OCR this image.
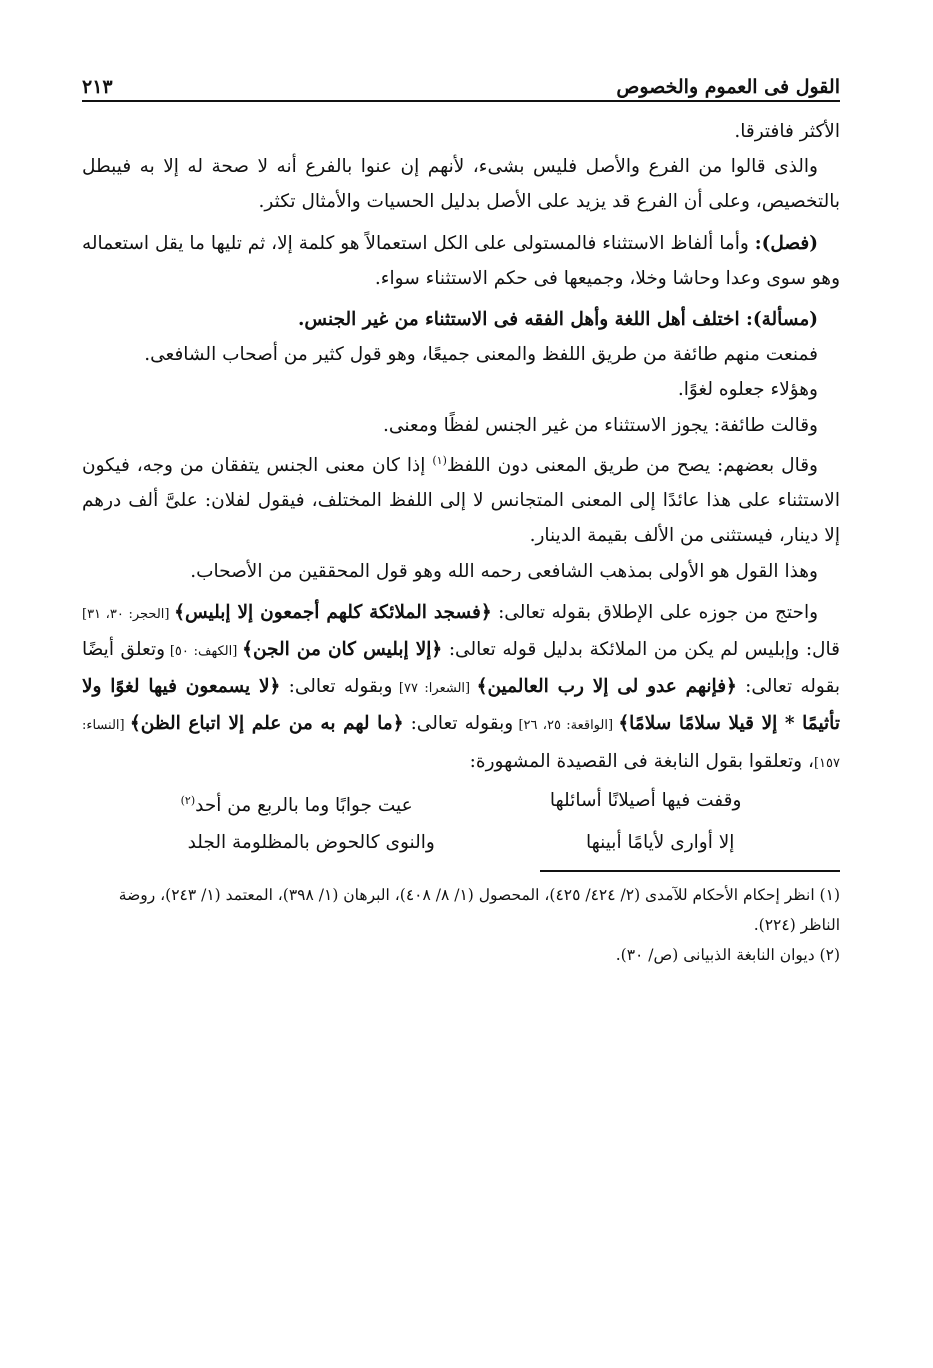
القول فى العموم والخصوص
٢١٣

الأكثر فافترقا.

والذى قالوا من الفرع والأصل فليس بشىء، لأنهم إن عنوا بالفرع أنه لا صحة له إلا به فيبطل بالتخصيص، وعلى أن الفرع قد يزيد على الأصل بدليل الحسيات والأمثال تكثر.

(فصل): وأما ألفاظ الاستثناء فالمستولى على الكل استعمالاً هو كلمة إلا، ثم تليها ما يقل استعماله وهو سوى وعدا وحاشا وخلا، وجميعها فى حكم الاستثناء سواء.

(مسألة): اختلف أهل اللغة وأهل الفقه فى الاستثناء من غير الجنس.

فمنعت منهم طائفة من طريق اللفظ والمعنى جميعًا، وهو قول كثير من أصحاب الشافعى.

وهؤلاء جعلوه لغوًا.

وقالت طائفة: يجوز الاستثناء من غير الجنس لفظًا ومعنى.

وقال بعضهم: يصح من طريق المعنى دون اللفظ$^{(١)}$ إذا كان معنى الجنس يتفقان من وجه، فيكون الاستثناء على هذا عائدًا إلى المعنى المتجانس لا إلى اللفظ المختلف، فيقول لفلان: علىَّ ألف درهم إلا دينار، فيستثنى من الألف بقيمة الدينار.

وهذا القول هو الأولى بمذهب الشافعى رحمه الله وهو قول المحققين من الأصحاب.

واحتج من جوزه على الإطلاق بقوله تعالى: ﴿فسجد الملائكة كلهم أجمعون إلا إبليس﴾ [الحجر: ٣٠، ٣١] قال: وإبليس لم يكن من الملائكة بدليل قوله تعالى: ﴿إلا إبليس كان من الجن﴾ [الكهف: ٥٠] وتعلق أيضًا بقوله تعالى: ﴿فإنهم عدو لى إلا رب العالمين﴾ [الشعرا: ٧٧] وبقوله تعالى: ﴿لا يسمعون فيها لغوًا ولا تأثيمًا * إلا قيلا سلامًا سلامًا﴾ [الواقعة: ٢٥، ٢٦] وبقوله تعالى: ﴿ما لهم به من علم إلا اتباع الظن﴾ [النساء: ١٥٧]، وتعلقوا بقول النابغة فى القصيدة المشهورة:

وقفت فيها أصيلانًا أسائلها
عيت جوابًا وما بالربع من أحد$^{(٢)}$
إلا أوارى لأيامًا أبينها
والنوى كالحوض بالمظلومة الجلد

(١) انظر إحكام الأحكام للآمدى (٢/ ٤٢٤/ ٤٢٥)، المحصول (١/ ٨/ ٤٠٨)، البرهان (١/ ٣٩٨)، المعتمد (١/ ٢٤٣)، روضة الناظر (٢٢٤).

(٢) ديوان النابغة الذبيانى (ص/ ٣٠).
